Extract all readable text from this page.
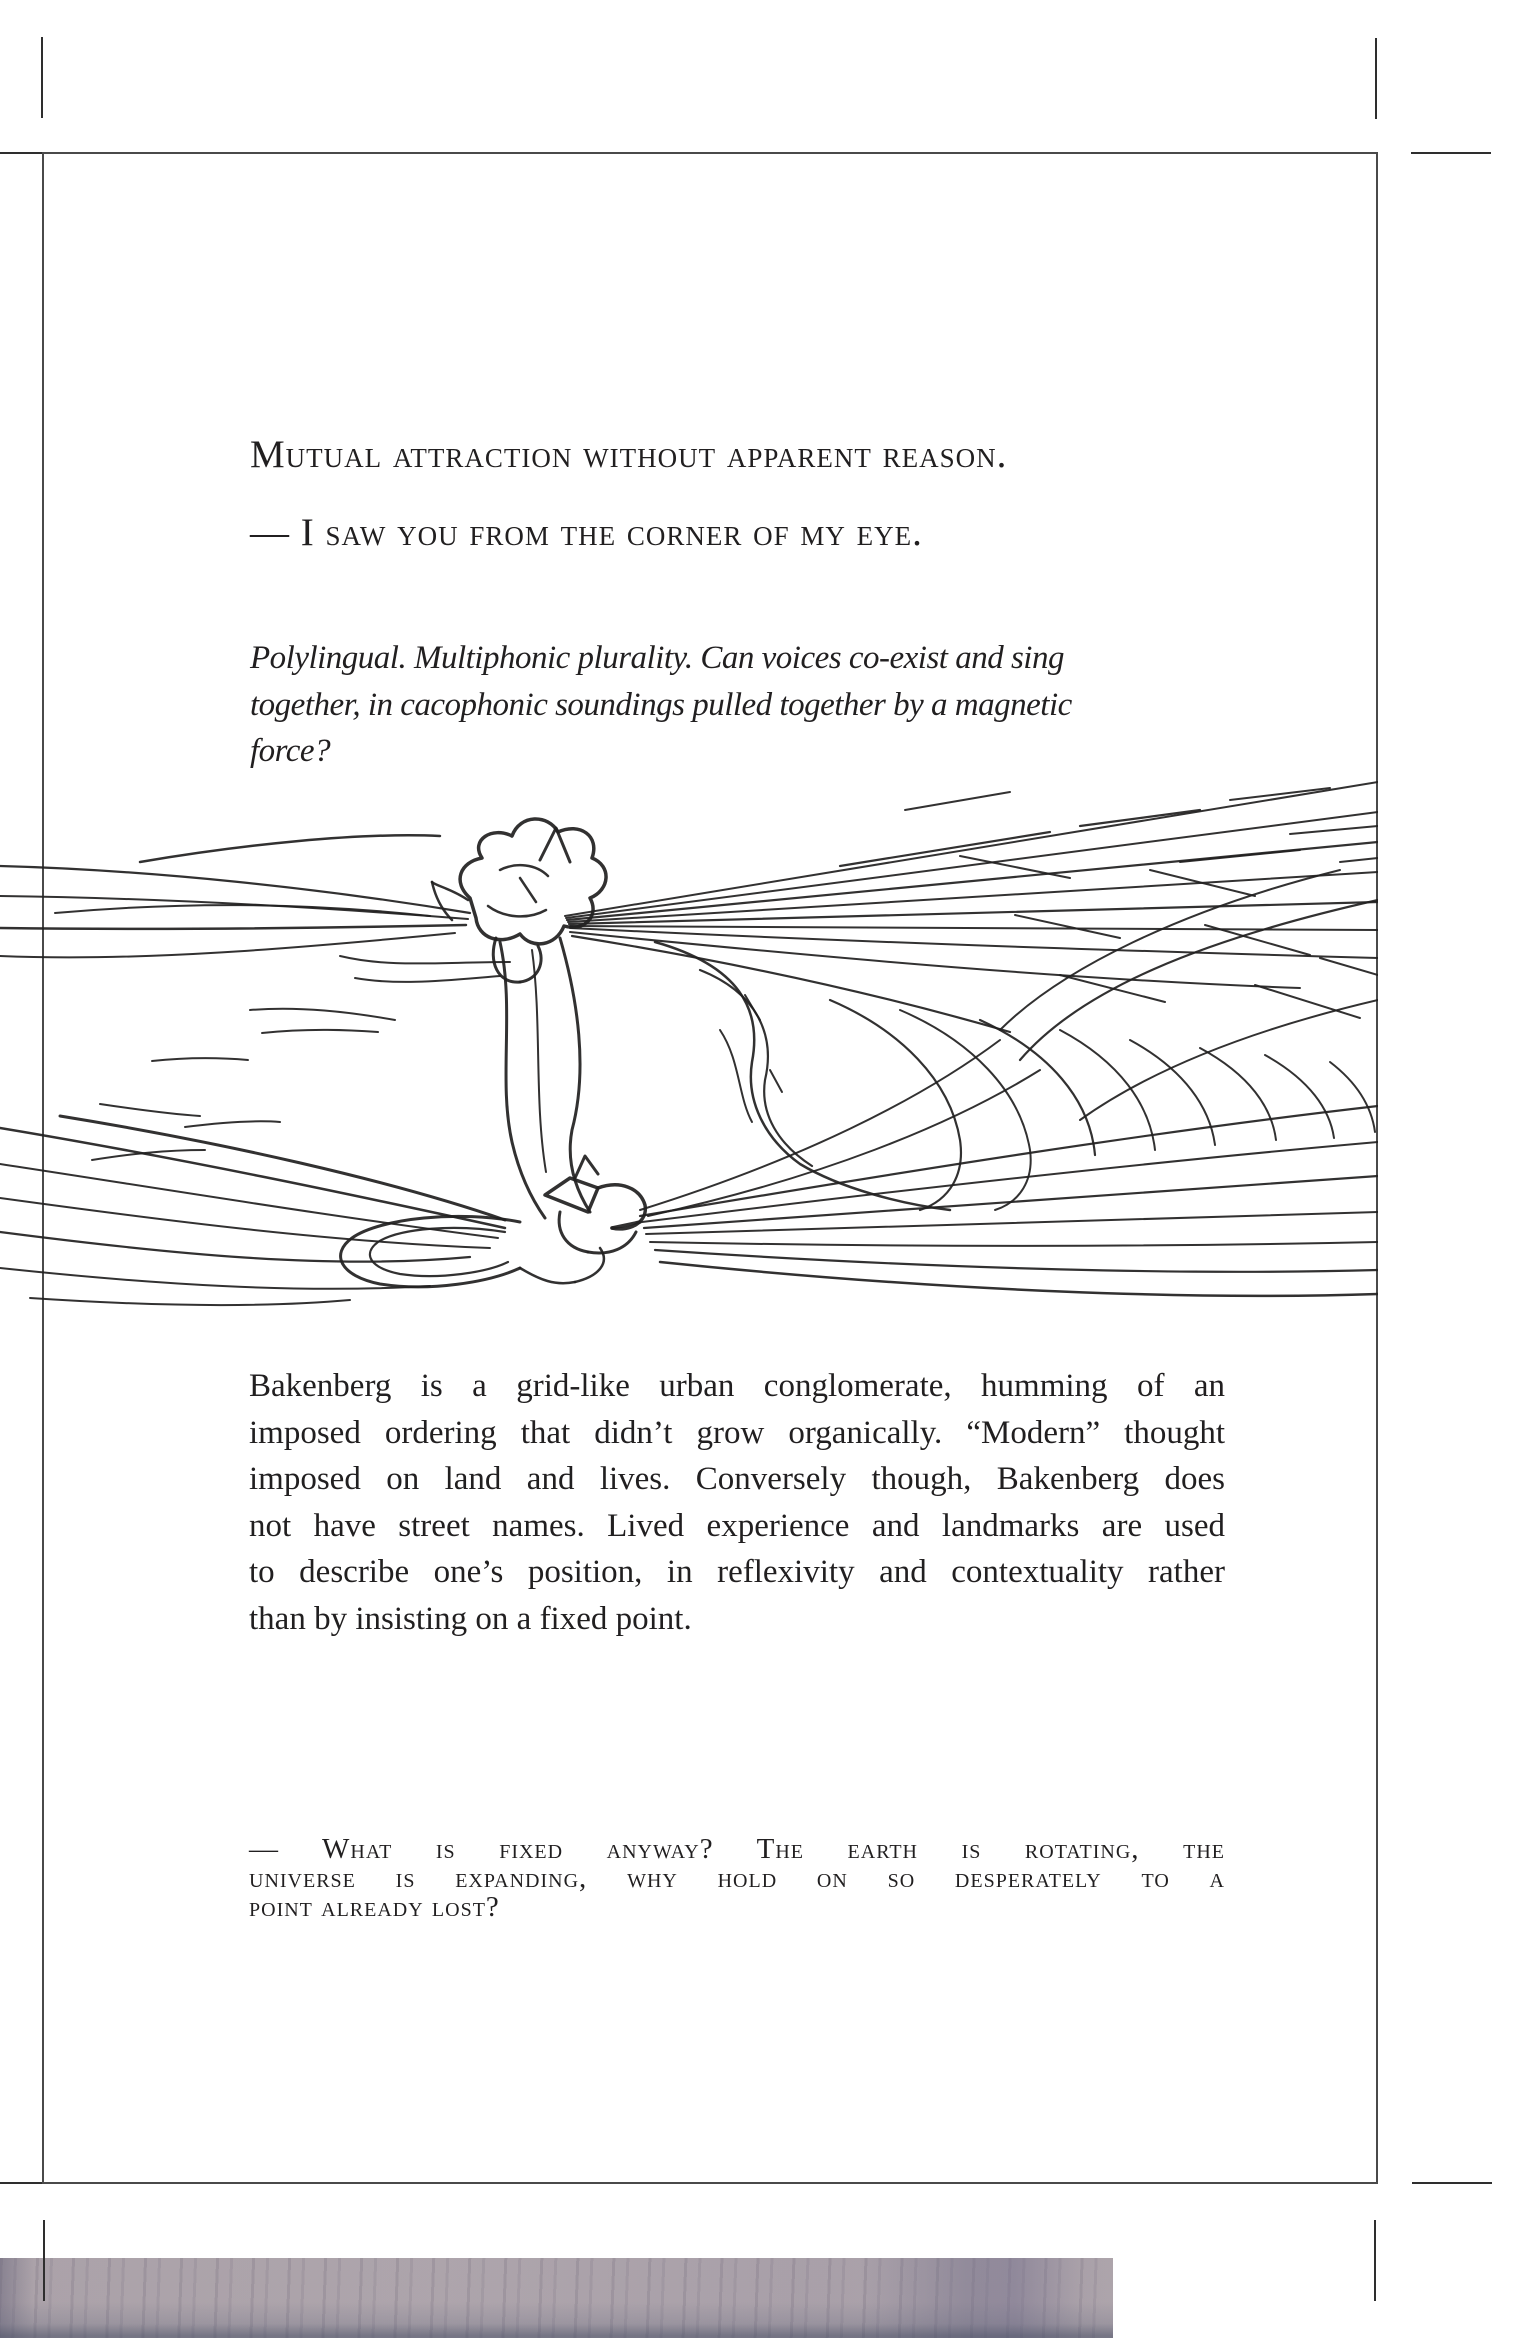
Mutual attraction without apparent reason.
— I saw you from the corner of my eye.
Polylingual. Multiphonic plurality. Can voices co-exist and sing
together, in cacophonic soundings pulled together by a magnetic
force?
Bakenberg is a grid-like urban conglomerate, humming of an
imposed ordering that didn’t grow organically. “Modern” thought
imposed on land and lives. Conversely though, Bakenberg does
not have street names. Lived experience and landmarks are used
to describe one’s position, in reflexivity and contextuality rather
than by insisting on a fixed point.
— What is fixed anyway? The earth is rotating, the
universe is expanding, why hold on so desperately to a
point already lost?
